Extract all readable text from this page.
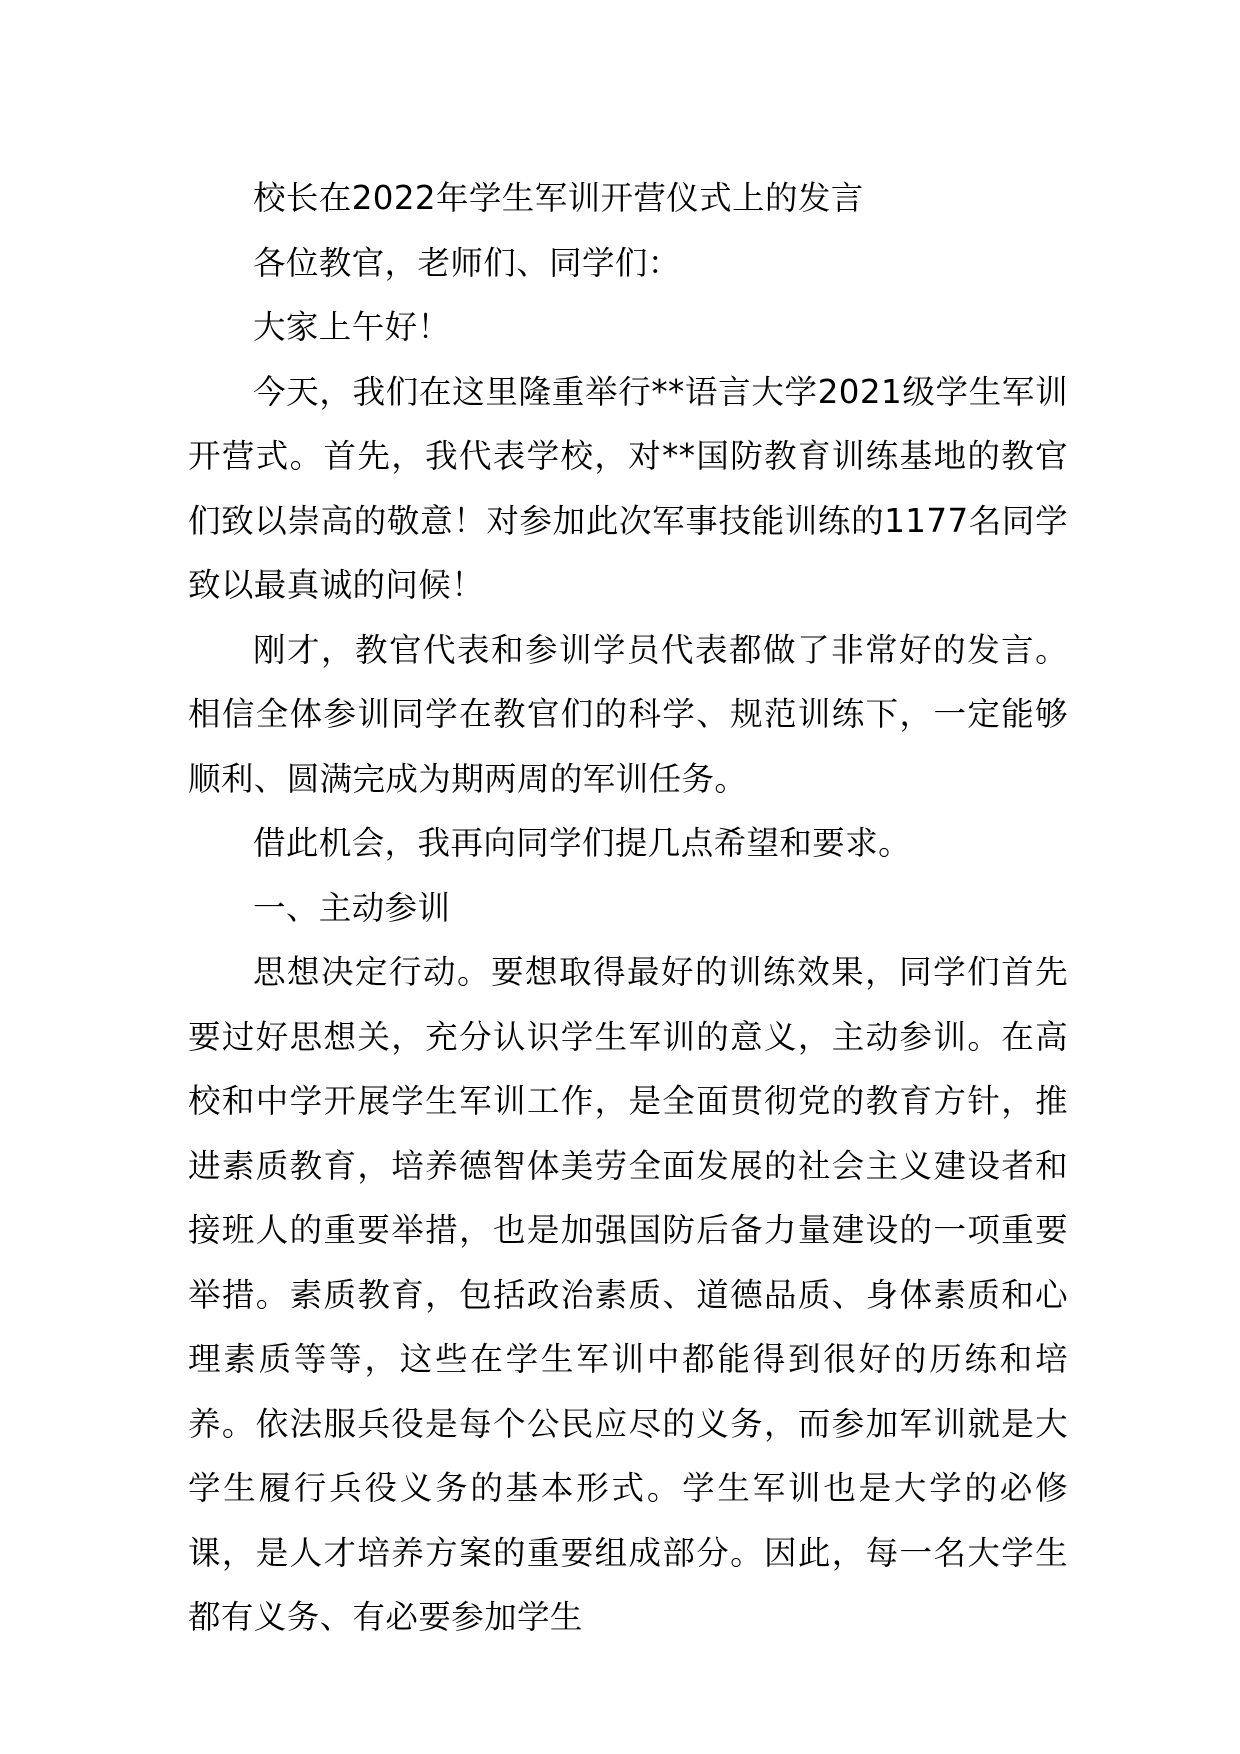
校长在2022年学生军训开营仪式上的发言

各位教官，老师们、同学们：

大家上午好！

今天，我们在这里隆重举行**语言大学2021级学生军训开营式。首先，我代表学校，对**国防教育训练基地的教官们致以崇高的敬意！对参加此次军事技能训练的1177名同学致以最真诚的问候！

刚才，教官代表和参训学员代表都做了非常好的发言。相信全体参训同学在教官们的科学、规范训练下，一定能够顺利、圆满完成为期两周的军训任务。

借此机会，我再向同学们提几点希望和要求。

一、主动参训

思想决定行动。要想取得最好的训练效果，同学们首先要过好思想关，充分认识学生军训的意义，主动参训。在高校和中学开展学生军训工作，是全面贯彻党的教育方针，推进素质教育，培养德智体美劳全面发展的社会主义建设者和接班人的重要举措，也是加强国防后备力量建设的一项重要举措。素质教育，包括政治素质、道德品质、身体素质和心理素质等等，这些在学生军训中都能得到很好的历练和培养。依法服兵役是每个公民应尽的义务，而参加军训就是大学生履行兵役义务的基本形式。学生军训也是大学的必修课，是人才培养方案的重要组成部分。因此，每一名大学生都有义务、有必要参加学生
